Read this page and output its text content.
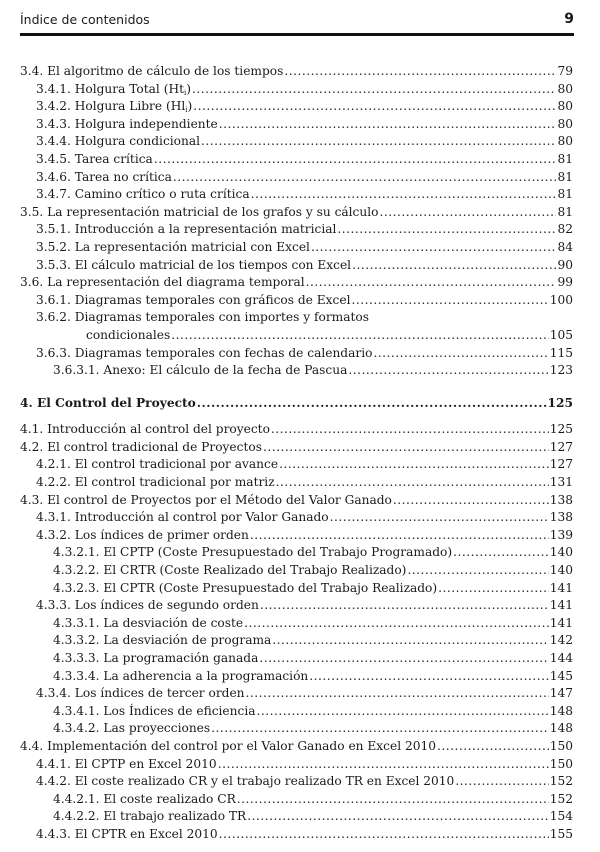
Índice de contenidos	9
3.4. El algoritmo de cálculo de los tiempos .....	79
3.4.1. Holgura Total $(Ht_i)$ .....	80
3.4.2. Holgura Libre $(Hl_i)$ .....	80
3.4.3. Holgura independiente .....	80
3.4.4. Holgura condicional .....	80
3.4.5. Tarea crítica .....	81
3.4.6. Tarea no crítica .....	81
3.4.7. Camino crítico o ruta crítica .....	81
3.5. La representación matricial de los grafos y su cálculo .....	81
3.5.1. Introducción a la representación matricial .....	82
3.5.2. La representación matricial con Excel .....	84
3.5.3. El cálculo matricial de los tiempos con Excel .....	90
3.6. La representación del diagrama temporal .....	99
3.6.1. Diagramas temporales con gráficos de Excel .....	100
3.6.2. Diagramas temporales con importes y formatos
condicionales .....	105
3.6.3. Diagramas temporales con fechas de calendario .....	115
3.6.3.1. Anexo: El cálculo de la fecha de Pascua .....	123
4. El Control del Proyecto .....	125
4.1. Introducción al control del proyecto .....	125
4.2. El control tradicional de Proyectos .....	127
4.2.1. El control tradicional por avance .....	127
4.2.2. El control tradicional por matriz .....	131
4.3. El control de Proyectos por el Método del Valor Ganado .....	138
4.3.1. Introducción al control por Valor Ganado .....	138
4.3.2. Los índices de primer orden .....	139
4.3.2.1. El CPTP (Coste Presupuestado del Trabajo Programado) .....	140
4.3.2.2. El CRTR (Coste Realizado del Trabajo Realizado) .....	140
4.3.2.3. El CPTR (Coste Presupuestado del Trabajo Realizado) .....	141
4.3.3. Los índices de segundo orden .....	141
4.3.3.1. La desviación de coste .....	141
4.3.3.2. La desviación de programa .....	142
4.3.3.3. La programación ganada .....	144
4.3.3.4. La adherencia a la programación .....	145
4.3.4. Los índices de tercer orden .....	147
4.3.4.1. Los Índices de eficiencia .....	148
4.3.4.2. Las proyecciones .....	148
4.4. Implementación del control por el Valor Ganado en Excel 2010 .....	150
4.4.1. El CPTP en Excel 2010 .....	150
4.4.2. El coste realizado CR y el trabajo realizado TR en Excel 2010 .....	152
4.4.2.1. El coste realizado CR .....	152
4.4.2.2. El trabajo realizado TR .....	154
4.4.3. El CPTR en Excel 2010 .....	155
